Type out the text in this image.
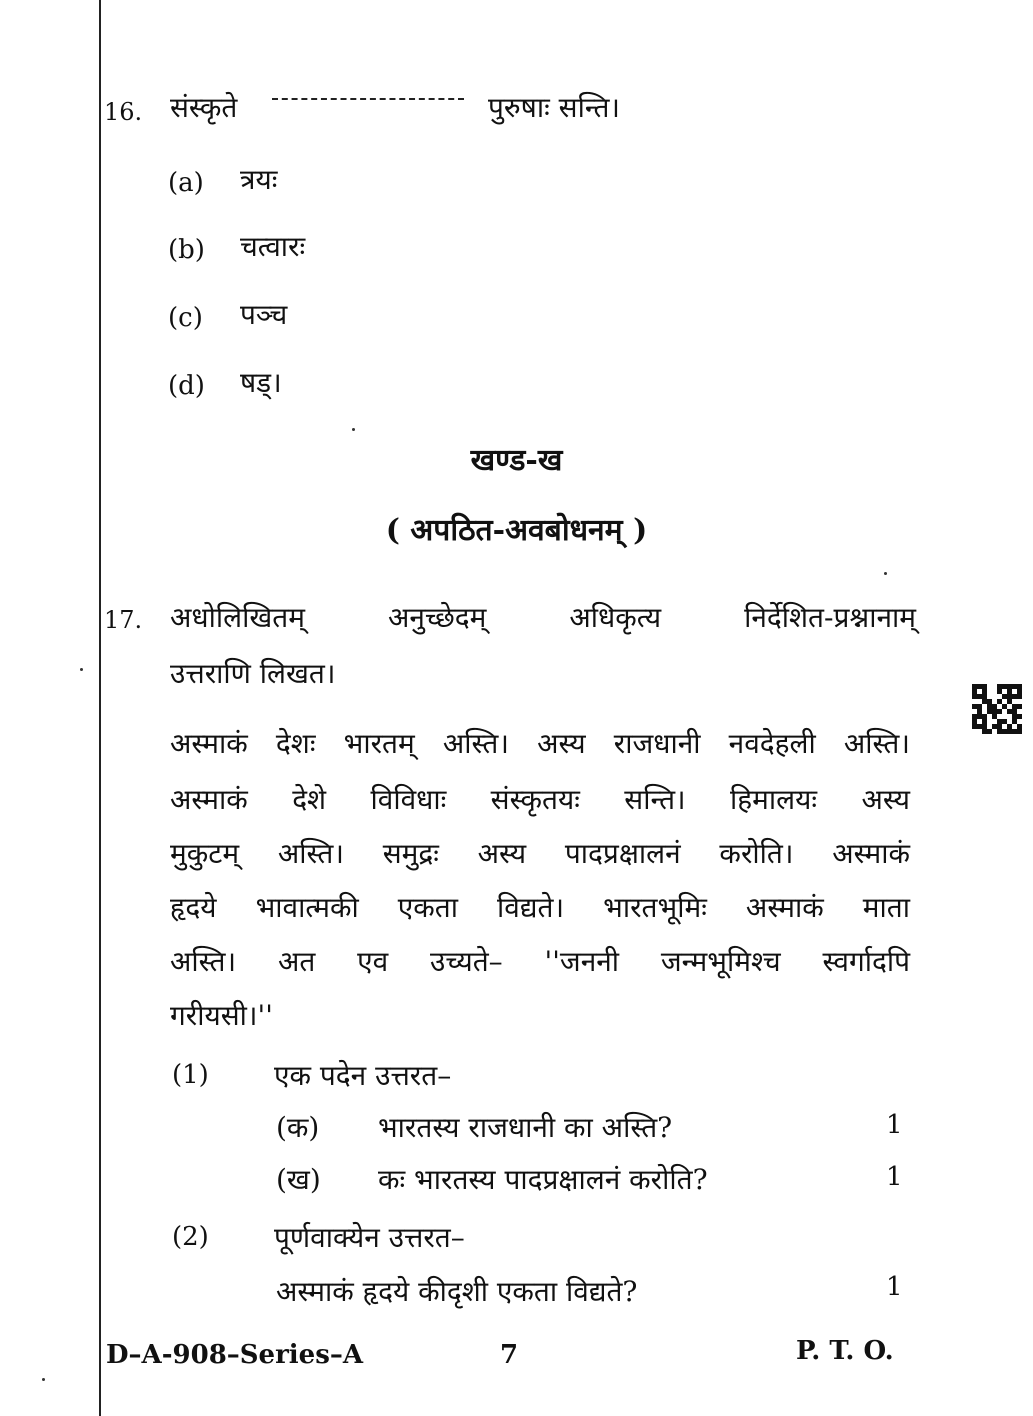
16. संस्कृते	पुरुषाः सन्ति।
(a) त्रयः
(b) चत्वारः
(c) पञ्च
(d) षड्।
खण्ड-ख
( अपठित-अवबोधनम् )
17. अधोलिखितम्	अनुच्छेदम्	अधिकृत्य	निर्देशित-प्रश्नानाम्
उत्तराणि लिखत।
अस्माकं देशः भारतम् अस्ति। अस्य राजधानी नवदेहली अस्ति।
अस्माकं देशे विविधाः संस्कृतयः सन्ति। हिमालयः अस्य
मुकुटम् अस्ति। समुद्रः अस्य पादप्रक्षालनं करोति। अस्माकं
हृदये भावात्मकी एकता विद्यते। भारतभूमिः अस्माकं माता
अस्ति। अत एव उच्यते– ''जननी जन्मभूमिश्च स्वर्गादपि
गरीयसी।''
(1) एक पदेन उत्तरत–
(क) भारतस्य राजधानी का अस्ति?	1
(ख) कः भारतस्य पादप्रक्षालनं करोति?	1
(2) पूर्णवाक्येन उत्तरत–
अस्माकं हृदये कीदृशी एकता विद्यते?	1
D–A-908–Series–A	7	P. T. O.
